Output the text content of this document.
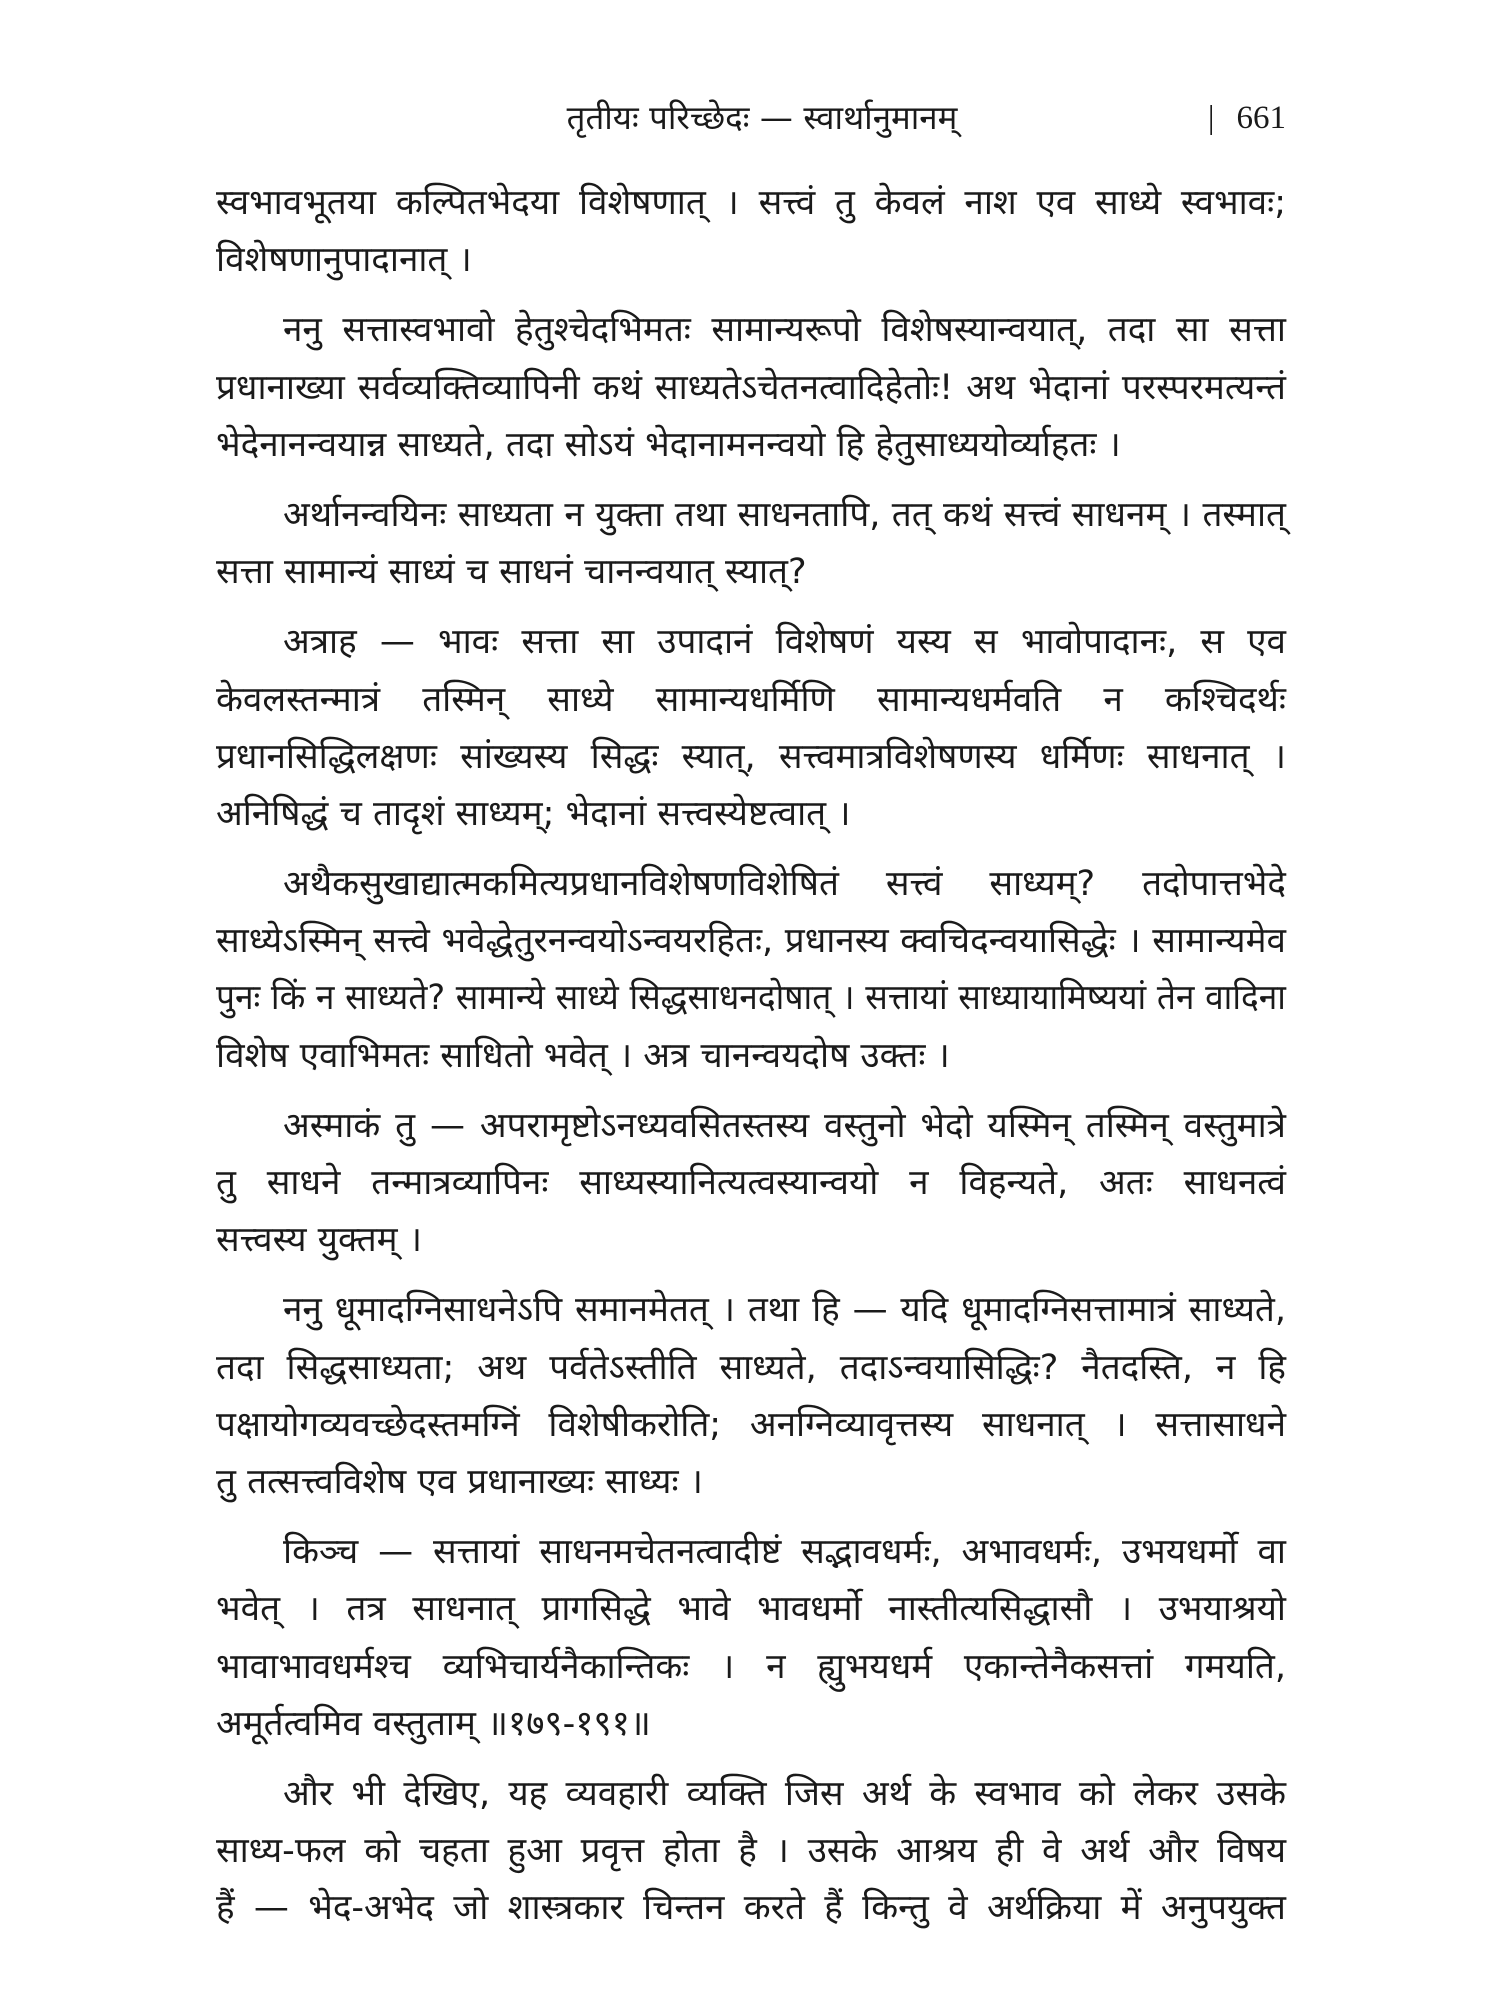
तृतीयः परिच्छेदः — स्वार्थानुमानम्	| 661
स्वभावभूतया कल्पितभेदया विशेषणात् । सत्त्वं तु केवलं नाश एव साध्ये स्वभावः;
विशेषणानुपादानात् ।
ननु सत्तास्वभावो हेतुश्चेदभिमतः सामान्यरूपो विशेषस्यान्वयात्, तदा सा सत्ता
प्रधानाख्या सर्वव्यक्तिव्यापिनी कथं साध्यतेऽचेतनत्वादिहेतोः! अथ भेदानां परस्परमत्यन्तं
भेदेनानन्वयान्न साध्यते, तदा सोऽयं भेदानामनन्वयो हि हेतुसाध्ययोर्व्याहतः ।
अर्थानन्वयिनः साध्यता न युक्ता तथा साधनतापि, तत् कथं सत्त्वं साधनम् । तस्मात्
सत्ता सामान्यं साध्यं च साधनं चानन्वयात् स्यात्?
अत्राह — भावः सत्ता सा उपादानं विशेषणं यस्य स भावोपादानः, स एव
केवलस्तन्मात्रं तस्मिन् साध्ये सामान्यधर्मिणि सामान्यधर्मवति न कश्चिदर्थः
प्रधानसिद्धिलक्षणः सांख्यस्य सिद्धः स्यात्, सत्त्वमात्रविशेषणस्य धर्मिणः साधनात् ।
अनिषिद्धं च तादृशं साध्यम्; भेदानां सत्त्वस्येष्टत्वात् ।
अथैकसुखाद्यात्मकमित्यप्रधानविशेषणविशेषितं सत्त्वं साध्यम्? तदोपात्तभेदे
साध्येऽस्मिन् सत्त्वे भवेद्धेतुरनन्वयोऽन्वयरहितः, प्रधानस्य क्वचिदन्वयासिद्धेः । सामान्यमेव
पुनः किं न साध्यते? सामान्ये साध्ये सिद्धसाधनदोषात् । सत्तायां साध्यायामिष्ययां तेन वादिना
विशेष एवाभिमतः साधितो भवेत् । अत्र चानन्वयदोष उक्तः ।
अस्माकं तु — अपरामृष्टोऽनध्यवसितस्तस्य वस्तुनो भेदो यस्मिन् तस्मिन् वस्तुमात्रे
तु साधने तन्मात्रव्यापिनः साध्यस्यानित्यत्वस्यान्वयो न विहन्यते, अतः साधनत्वं
सत्त्वस्य युक्तम् ।
ननु धूमादग्निसाधनेऽपि समानमेतत् । तथा हि — यदि धूमादग्निसत्तामात्रं साध्यते,
तदा सिद्धसाध्यता; अथ पर्वतेऽस्तीति साध्यते, तदाऽन्वयासिद्धिः? नैतदस्ति, न हि
पक्षायोगव्यवच्छेदस्तमग्निं विशेषीकरोति; अनग्निव्यावृत्तस्य साधनात् । सत्तासाधने
तु तत्सत्त्वविशेष एव प्रधानाख्यः साध्यः ।
किञ्च — सत्तायां साधनमचेतनत्वादीष्टं सद्भावधर्मः, अभावधर्मः, उभयधर्मो वा
भवेत् । तत्र साधनात् प्रागसिद्धे भावे भावधर्मो नास्तीत्यसिद्धासौ । उभयाश्रयो
भावाभावधर्मश्च व्यभिचार्यनैकान्तिकः । न ह्युभयधर्म एकान्तेनैकसत्तां गमयति,
अमूर्तत्वमिव वस्तुताम् ॥१७९-१९१॥
और भी देखिए, यह व्यवहारी व्यक्ति जिस अर्थ के स्वभाव को लेकर उसके
साध्य-फल को चहता हुआ प्रवृत्त होता है । उसके आश्रय ही वे अर्थ और विषय
हैं — भेद-अभेद जो शास्त्रकार चिन्तन करते हैं किन्तु वे अर्थक्रिया में अनुपयुक्त
